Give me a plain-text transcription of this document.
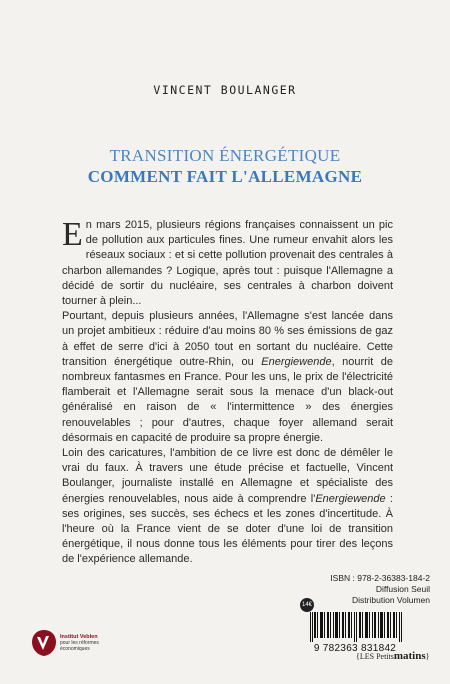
VINCENT BOULANGER
TRANSITION ÉNERGÉTIQUE
COMMENT FAIT L'ALLEMAGNE

En mars 2015, plusieurs régions françaises connaissent un pic de pollution aux particules fines. Une rumeur envahit alors les réseaux sociaux : et si cette pollution provenait des centrales à charbon allemandes ? Logique, après tout : puisque l'Allemagne a décidé de sortir du nucléaire, ses centrales à charbon doivent tourner à plein...

Pourtant, depuis plusieurs années, l'Allemagne s'est lancée dans un projet ambitieux : réduire d'au moins 80 % ses émissions de gaz à effet de serre d'ici à 2050 tout en sortant du nucléaire. Cette transition énergétique outre-Rhin, ou Energiewende, nourrit de nombreux fantasmes en France. Pour les uns, le prix de l'électricité flamberait et l'Allemagne serait sous la menace d'un black-out généralisé en raison de « l'intermittence » des énergies renouvelables ; pour d'autres, chaque foyer allemand serait désormais en capacité de produire sa propre énergie.

Loin des caricatures, l'ambition de ce livre est donc de démêler le vrai du faux. À travers une étude précise et factuelle, Vincent Boulanger, journaliste installé en Allemagne et spécialiste des énergies renouvelables, nous aide à comprendre l'Energiewende : ses origines, ses succès, ses échecs et les zones d'incertitude. À l'heure où la France vient de se doter d'une loi de transition énergétique, il nous donne tous les éléments pour tirer des leçons de l'expérience allemande.

ISBN : 978-2-36383-184-2
Diffusion Seuil
Distribution Volumen
14€
9 782363 831842
{LES Petitsmatins}
Institut Veblen
pour les réformes
économiques
